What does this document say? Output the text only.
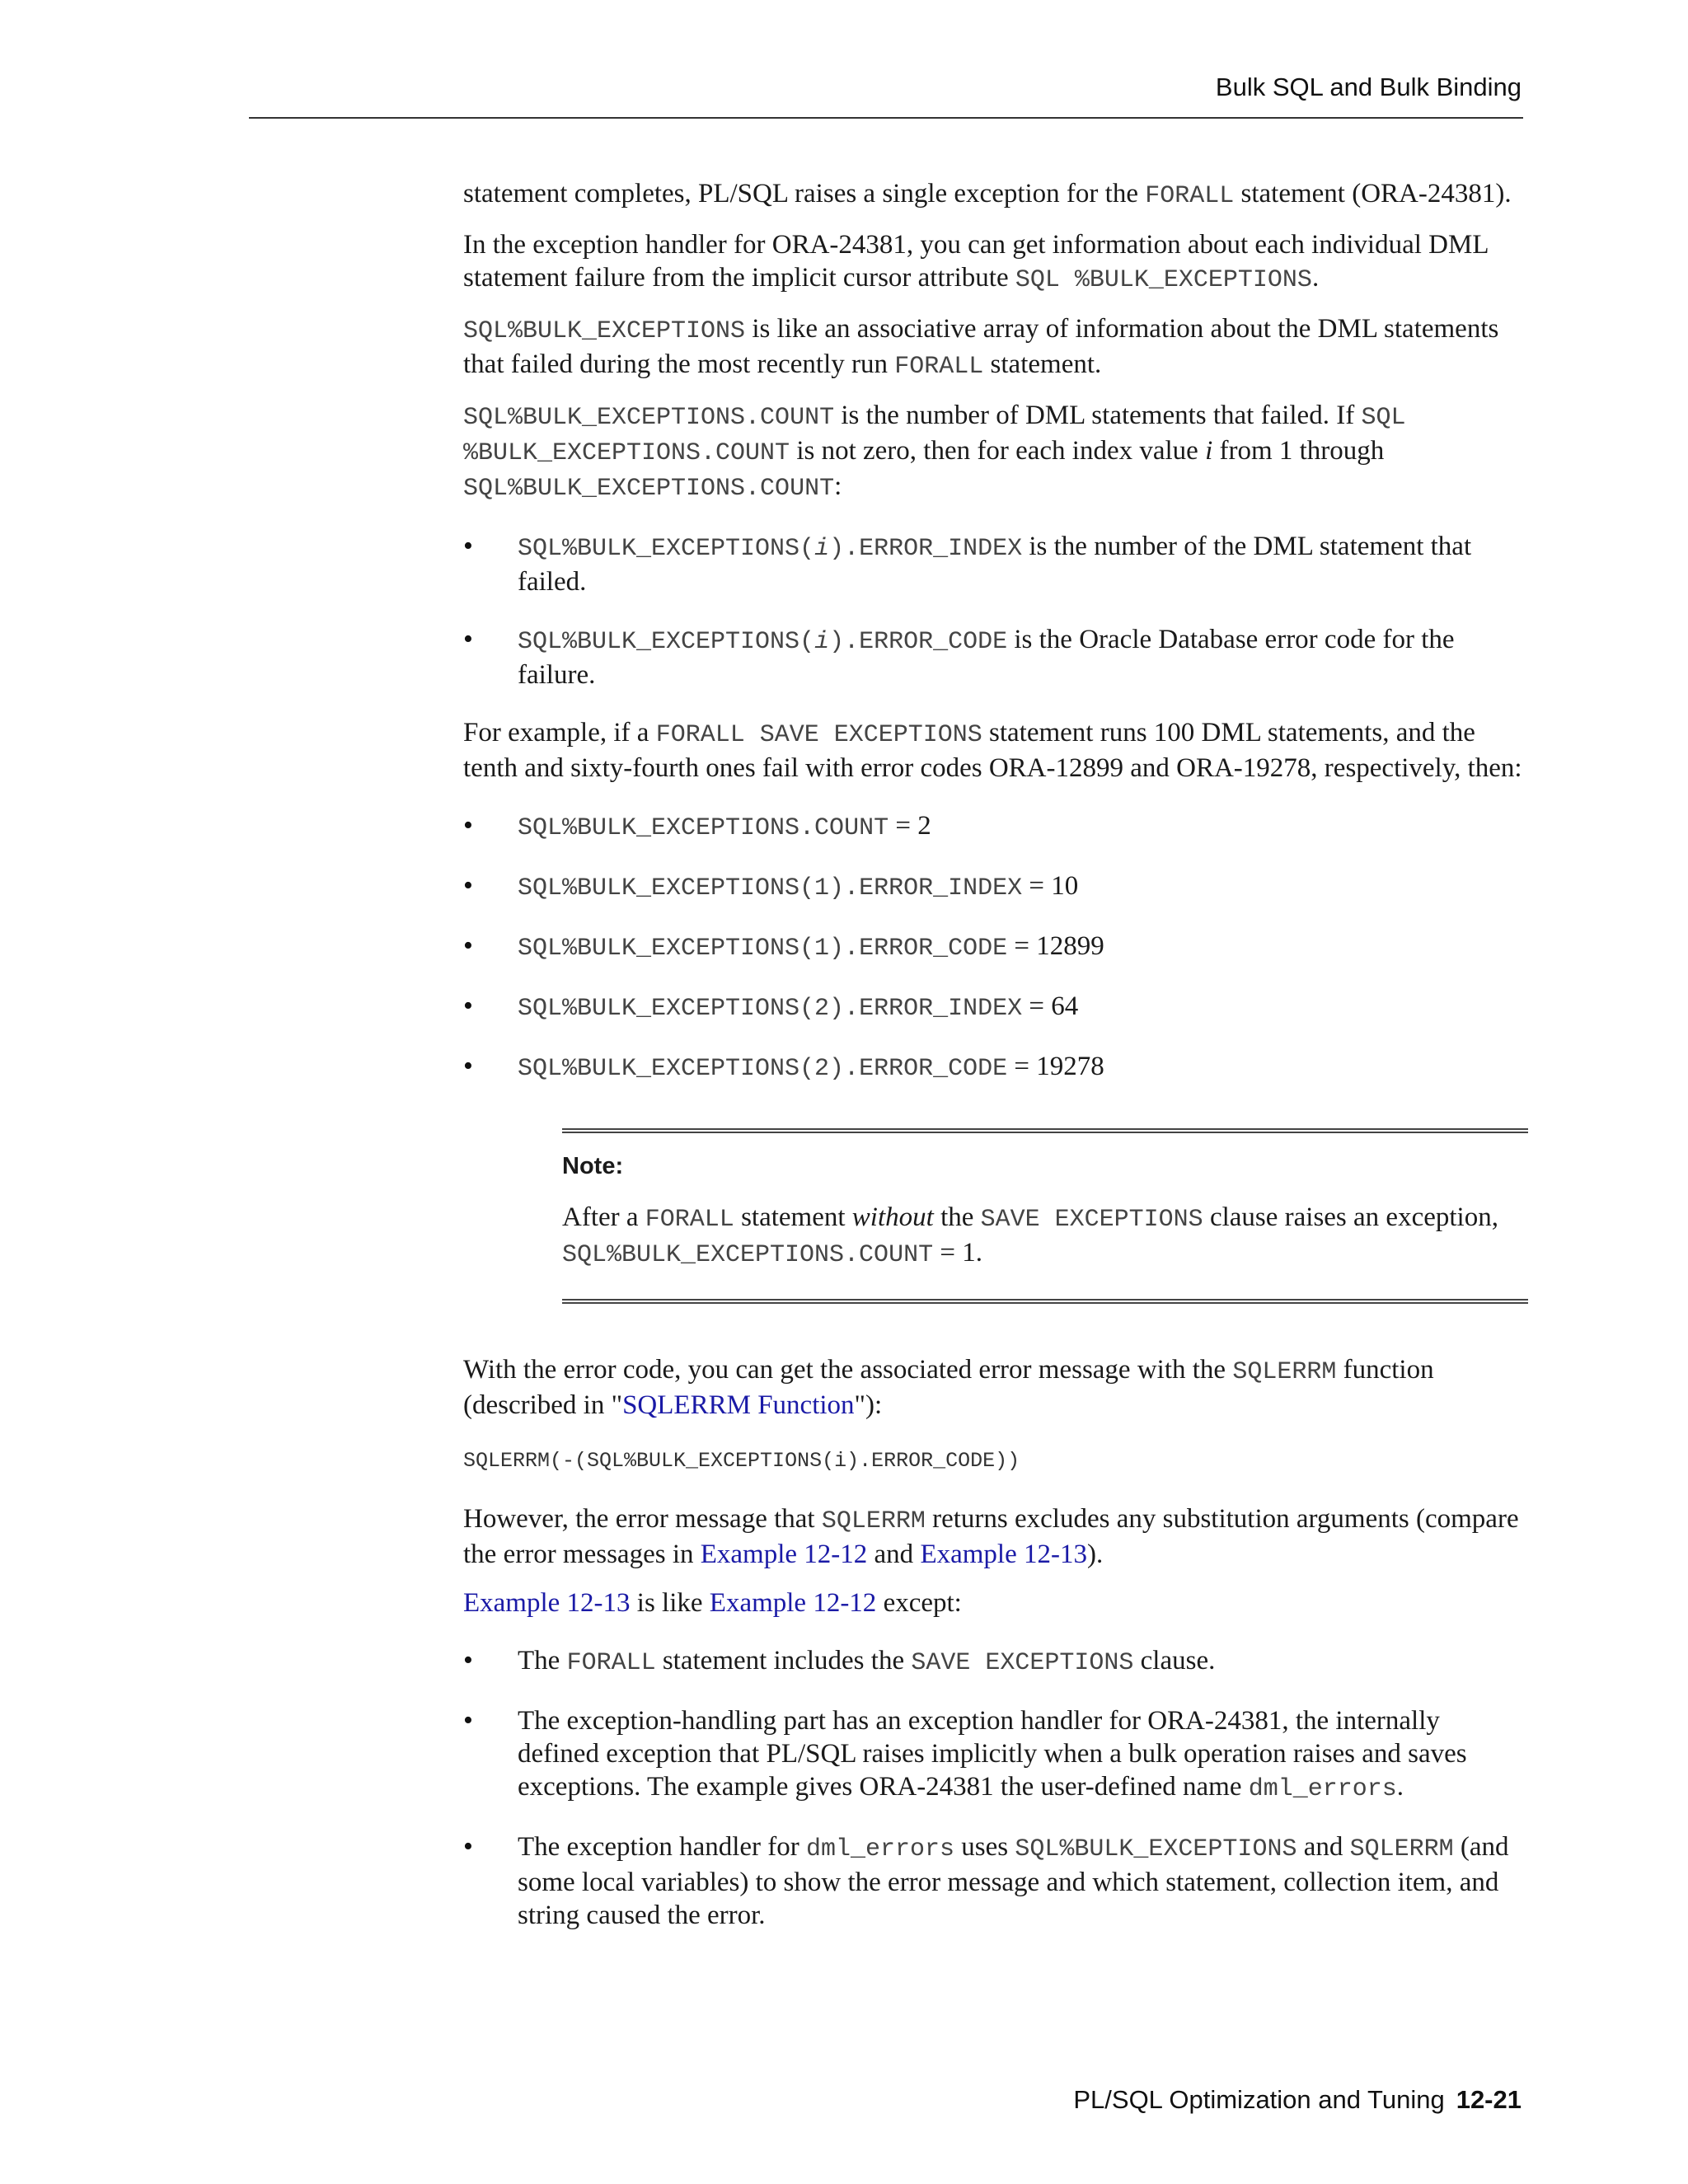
Bulk SQL and Bulk Binding

statement completes, PL/SQL raises a single exception for the FORALL statement (ORA-24381).

In the exception handler for ORA-24381, you can get information about each individual DML statement failure from the implicit cursor attribute SQL %BULK_EXCEPTIONS.

SQL%BULK_EXCEPTIONS is like an associative array of information about the DML statements that failed during the most recently run FORALL statement.

SQL%BULK_EXCEPTIONS.COUNT is the number of DML statements that failed. If SQL %BULK_EXCEPTIONS.COUNT is not zero, then for each index value i from 1 through SQL%BULK_EXCEPTIONS.COUNT:

• SQL%BULK_EXCEPTIONS(i).ERROR_INDEX is the number of the DML statement that failed.
• SQL%BULK_EXCEPTIONS(i).ERROR_CODE is the Oracle Database error code for the failure.

For example, if a FORALL SAVE EXCEPTIONS statement runs 100 DML statements, and the tenth and sixty-fourth ones fail with error codes ORA-12899 and ORA-19278, respectively, then:

• SQL%BULK_EXCEPTIONS.COUNT = 2
• SQL%BULK_EXCEPTIONS(1).ERROR_INDEX = 10
• SQL%BULK_EXCEPTIONS(1).ERROR_CODE = 12899
• SQL%BULK_EXCEPTIONS(2).ERROR_INDEX = 64
• SQL%BULK_EXCEPTIONS(2).ERROR_CODE = 19278
Note:

After a FORALL statement without the SAVE EXCEPTIONS clause raises an exception, SQL%BULK_EXCEPTIONS.COUNT = 1.

With the error code, you can get the associated error message with the SQLERRM function (described in "SQLERRM Function"):

SQLERRM(-(SQL%BULK_EXCEPTIONS(i).ERROR_CODE))

However, the error message that SQLERRM returns excludes any substitution arguments (compare the error messages in Example 12-12 and Example 12-13).

Example 12-13 is like Example 12-12 except:

• The FORALL statement includes the SAVE EXCEPTIONS clause.
• The exception-handling part has an exception handler for ORA-24381, the internally defined exception that PL/SQL raises implicitly when a bulk operation raises and saves exceptions. The example gives ORA-24381 the user-defined name dml_errors.
• The exception handler for dml_errors uses SQL%BULK_EXCEPTIONS and SQLERRM (and some local variables) to show the error message and which statement, collection item, and string caused the error.
PL/SQL Optimization and Tuning 12-21
